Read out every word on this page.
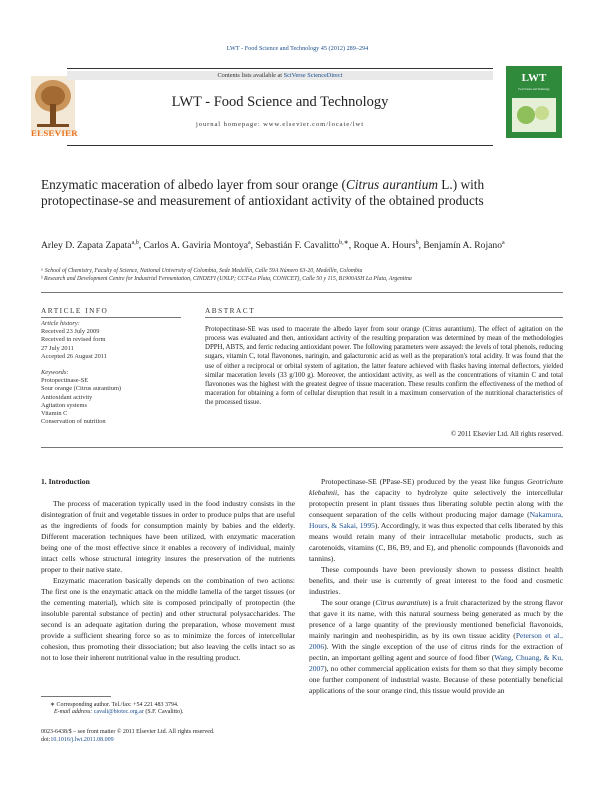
LWT - Food Science and Technology 45 (2012) 289–294
ELSEVIER
Contents lists available at SciVerse ScienceDirect
LWT - Food Science and Technology
journal homepage: www.elsevier.com/locate/lwt
LWT
Food Science and Technology
Enzymatic maceration of albedo layer from sour orange (Citrus aurantium L.) with protopectinase-se and measurement of antioxidant activity of the obtained products
Arley D. Zapata Zapata$^{a,b}$, Carlos A. Gaviria Montoya$^a$, Sebastián F. Cavalitto$^{b,∗}$, Roque A. Hours$^b$, Benjamín A. Rojano$^a$
ᵃ School of Chemistry, Faculty of Science, National University of Colombia, Sede Medellín, Calle 59A Número 63-20, Medellín, Colombia
ᵇ Research and Development Centre for Industrial Fermentation, CINDEFI (UNLP; CCT-La Plata, CONICET), Calle 50 y 115, B1900ASH La Plata, Argentina
ARTICLE INFO
Article history:
Received 23 July 2009
Received in revised form
27 July 2011
Accepted 26 August 2011
Keywords:
Protopectinase-SE
Sour orange (Citrus aurantium)
Antioxidant activity
Agitation systems
Vitamin C
Conservation of nutrition
ABSTRACT
Protopectinase-SE was used to macerate the albedo layer from sour orange (Citrus aurantium). The effect of agitation on the process was evaluated and then, antioxidant activity of the resulting preparation was determined by mean of the methodologies DPPH, ABTS, and ferric reducing antioxidant power. The following parameters were assayed: the levels of total phenols, reducing sugars, vitamin C, total flavonones, naringin, and galacturonic acid as well as the preparation's total acidity. It was found that the use of either a reciprocal or orbital system of agitation, the latter feature achieved with flasks having internal deflectors, yielded similar maceration levels (33 g/100 g). Moreover, the antioxidant activity, as well as the concentrations of vitamin C and total flavonones was the highest with the greatest degree of tissue maceration. These results confirm the effectiveness of the method of maceration for obtaining a form of cellular disruption that result in a maximum conservation of the nutritional characteristics of the processed tissue.
© 2011 Elsevier Ltd. All rights reserved.

1. Introduction

The process of maceration typically used in the food industry consists in the disintegration of fruit and vegetable tissues in order to produce pulps that are useful as the ingredients of foods for consumption mainly by babies and the elderly. Different maceration techniques have been utilized, with enzymatic maceration being one of the most effective since it enables a recovery of individual, mainly intact cells whose structural integrity insures the preservation of the nutrients proper to their native state.

Enzymatic maceration basically depends on the combination of two actions: The first one is the enzymatic attack on the middle lamella of the target tissues (or the cementing material), which site is composed principally of protopectin (the insoluble parental substance of pectin) and other structural polysaccharides. The second is an adequate agitation during the preparation, whose movement must provide a sufficient shearing force so as to minimize the forces of intercellular cohesion, thus promoting their dissociation; but also leaving the cells intact so as not to lose their inherent nutritional value in the resulting product.

Protopectinase-SE (PPase-SE) produced by the yeast like fungus Geotrichum klebahnii, has the capacity to hydrolyze quite selectively the intercellular protopectin present in plant tissues thus liberating soluble pectin along with the consequent separation of the cells without producing major damage (Nakamura, Hours, & Sakai, 1995). Accordingly, it was thus expected that cells liberated by this means would retain many of their intracellular metabolic products, such as carotenoids, vitamins (C, B6, B9, and E), and phenolic compounds (flavonoids and tannins).

These compounds have been previously shown to possess distinct health benefits, and their use is currently of great interest to the food and cosmetic industries.

The sour orange (Citrus aurantium) is a fruit characterized by the strong flavor that gave it its name, with this natural sourness being generated as much by the presence of a large quantity of the previously mentioned beneficial flavonoids, mainly naringin and neohespiridin, as by its own tissue acidity (Peterson et al., 2006). With the single exception of the use of citrus rinds for the extraction of pectin, an important gelling agent and source of food fiber (Wang, Chuang, & Ku, 2007), no other commercial application exists for them so that they simply become one further component of industrial waste. Because of these potentially beneficial applications of the sour orange rind, this tissue would provide an

∗ Corresponding author. Tel./fax: +54 221 483 3794.
E-mail address: cavali@biotec.org.ar (S.F. Cavalitto).
0023-6438/$ – see front matter © 2011 Elsevier Ltd. All rights reserved.
doi:10.1016/j.lwt.2011.08.009
